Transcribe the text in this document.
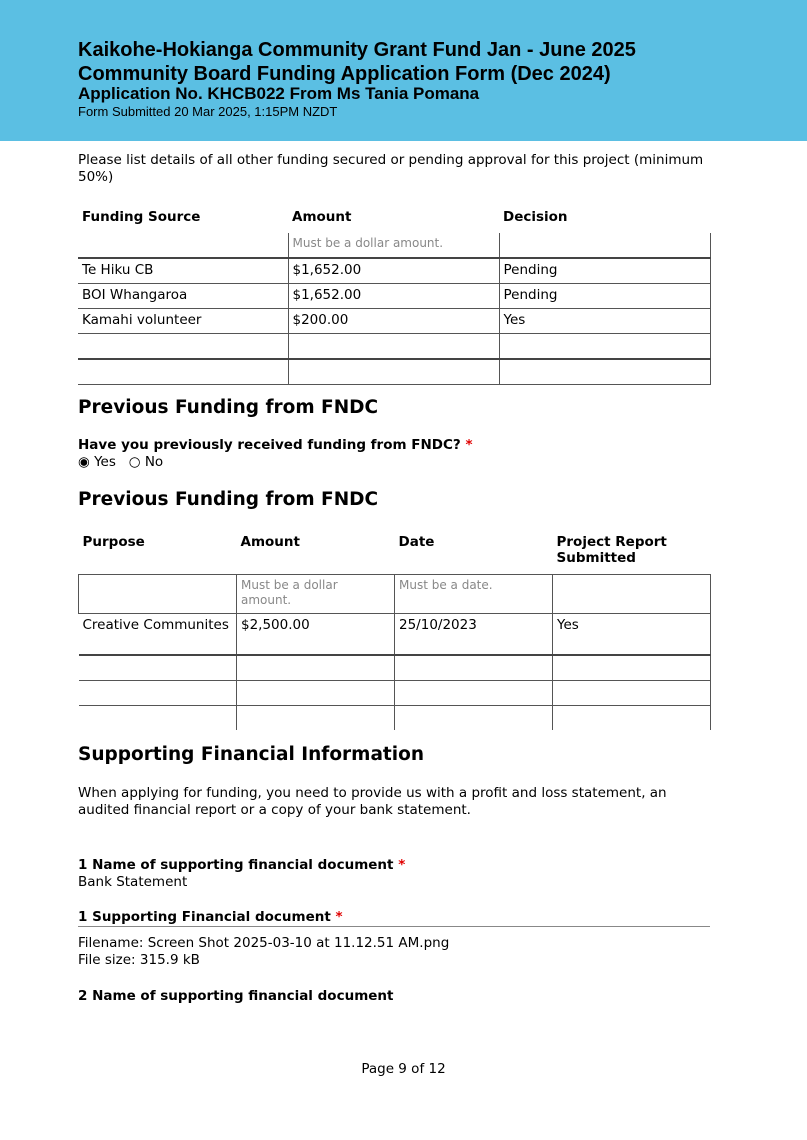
Kaikohe-Hokianga Community Grant Fund Jan - June 2025
Community Board Funding Application Form (Dec 2024)
Application No. KHCB022 From Ms Tania Pomana
Form Submitted 20 Mar 2025, 1:15PM NZDT
Please list details of all other funding secured or pending approval for this project (minimum 50%)
Funding Source	Amount	Decision
	Must be a dollar amount.	
Te Hiku CB	$1,652.00	Pending
BOI Whangaroa	$1,652.00	Pending
Kamahi volunteer	$200.00	Yes

Previous Funding from FNDC
Have you previously received funding from FNDC? *
◉ Yes ○ No
Previous Funding from FNDC
Purpose	Amount	Date	Project Report Submitted
	Must be a dollar amount.	Must be a date.	
Creative Communites	$2,500.00	25/10/2023	Yes

Supporting Financial Information
When applying for funding, you need to provide us with a profit and loss statement, an audited financial report or a copy of your bank statement.
1 Name of supporting financial document *
Bank Statement
1 Supporting Financial document *
Filename: Screen Shot 2025-03-10 at 11.12.51 AM.png
File size: 315.9 kB
2 Name of supporting financial document
Page 9 of 12
